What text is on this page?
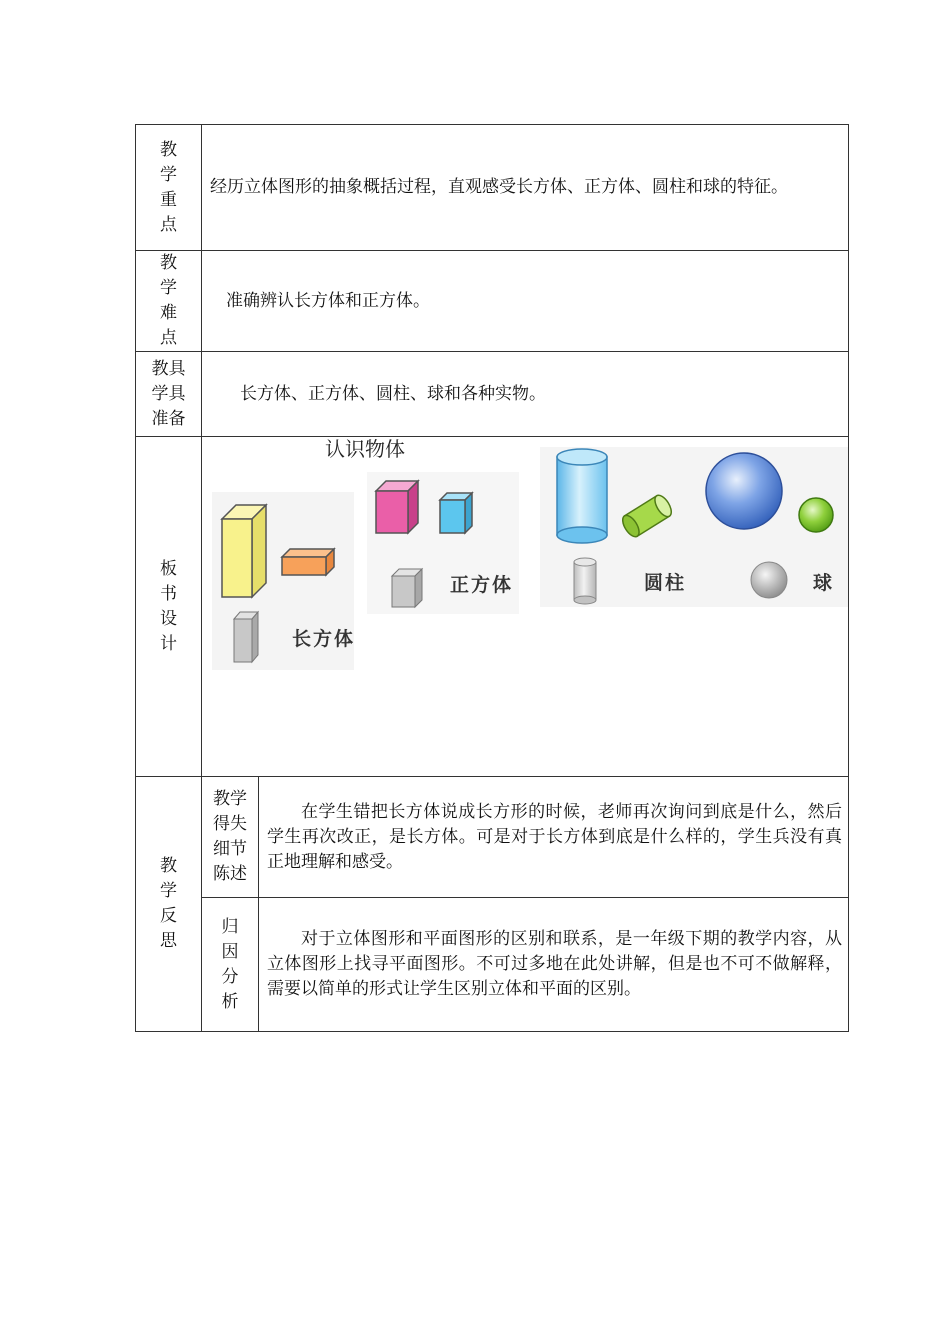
教学重点	经历立体图形的抽象概括过程，直观感受长方体、正方体、圆柱和球的特征。	

教学难点	准确辨认长方体和正方体。	
教具学具准备	长方体、正方体、圆柱、球和各种实物。	

板书设计	认识物体
长方体
正方体 圆柱 球	

教学反思	教学得失细节陈述	在学生错把长方体说成长方形的时候，老师再次询问到底是什么，然后学生再次改正，是长方体。可是对于长方体到底是什么样的，学生兵没有真正地理解和感受。

	归因分析	对于立体图形和平面图形的区别和联系，是一年级下期的教学内容，从立体图形上找寻平面图形。不可过多地在此处讲解，但是也不可不做解释，需要以简单的形式让学生区别立体和平面的区别。
